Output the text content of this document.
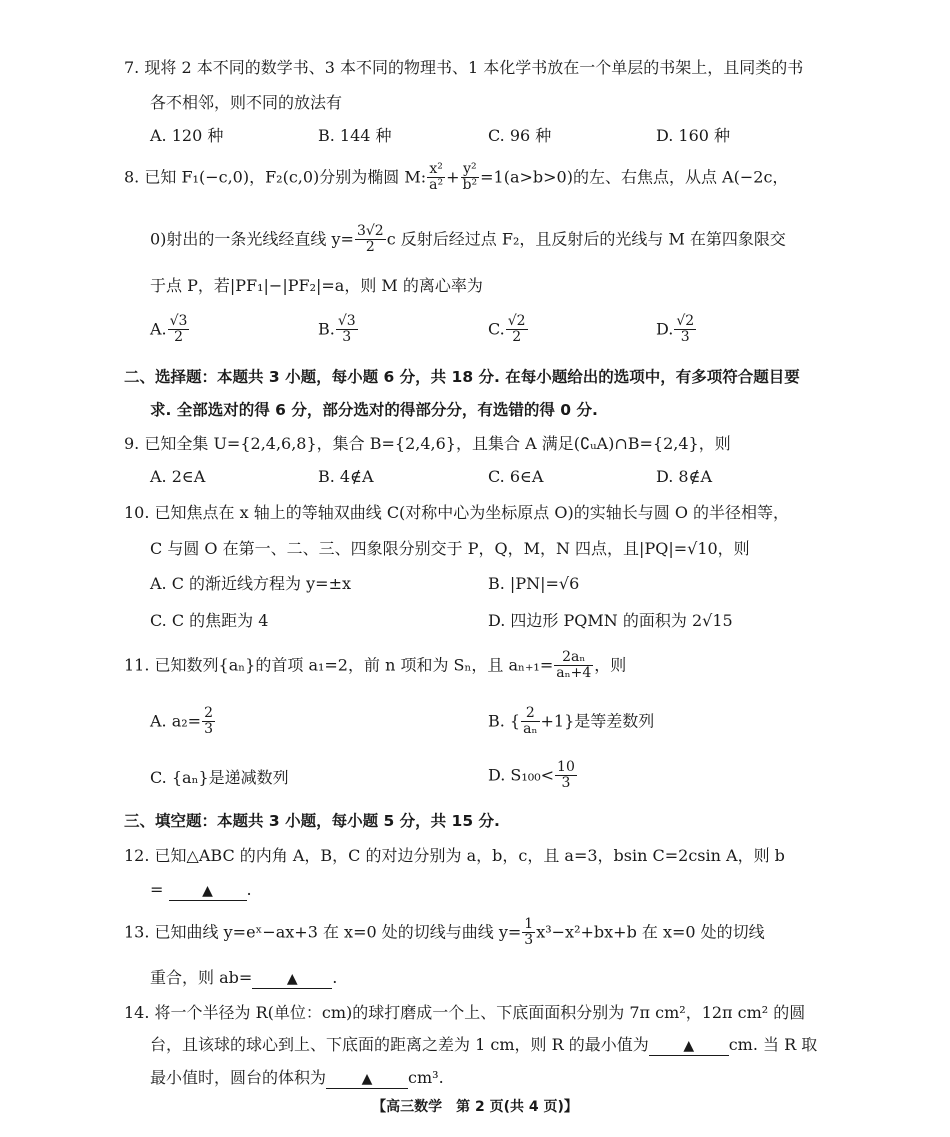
7. 现将 2 本不同的数学书、3 本不同的物理书、1 本化学书放在一个单层的书架上，且同类的书
各不相邻，则不同的放法有
A. 120 种	B. 144 种	C. 96 种	D. 160 种
8. 已知 F₁(−c,0)，F₂(c,0)分别为椭圆 M: $\frac{\text{x²}}{\text{a²}} + \frac{\text{y²}}{\text{b²}} =1(a>b>0)$的左、右焦点，从点 A(−2c，
0)射出的一条光线经直线 $y= \frac{3√2}{2}$ c 反射后经过点 F₂，且反射后的光线与 M 在第四象限交
于点 P，若|PF₁|−|PF₂|=a，则 M 的离心率为
A. $\frac{√3}{2}$	B. $\frac{√3}{3}$	C. $\frac{√2}{2}$	D. $\frac{√2}{3}$
二、选择题：本题共 3 小题，每小题 6 分，共 18 分. 在每小题给出的选项中，有多项符合题目要
求. 全部选对的得 6 分，部分选对的得部分分，有选错的得 0 分.
9. 已知全集 U={2,4,6,8}，集合 B={2,4,6}，且集合 A 满足(∁ᵤA)∩B={2,4}，则
A. 2∈A	B. 4∉A	C. 6∈A	D. 8∉A
10. 已知焦点在 x 轴上的等轴双曲线 C(对称中心为坐标原点 O)的实轴长与圆 O 的半径相等，
C 与圆 O 在第一、二、三、四象限分别交于 P，Q，M，N 四点，且|PQ|=√10，则
A. C 的渐近线方程为 y=±x	B. |PN|=√6
C. C 的焦距为 4	D. 四边形 PQMN 的面积为 2√15
11. 已知数列{aₙ}的首项 a₁=2，前 n 项和为 Sₙ，且 $a_{n+1}= \frac{\text{2aₙ}}{\text{aₙ+4}}$ ，则
A. $a_2= \frac{2}{3}$	B. { $\frac{2}{\text{aₙ}} +1$}是等差数列
C. {aₙ}是递减数列	D. $S_{100}< \frac{10}{3}$
三、填空题：本题共 3 小题，每小题 5 分，共 15 分.
12. 已知△ABC 的内角 A，B，C 的对边分别为 a，b，c，且 a=3，bsin C=2csin A，则 b
=	▲ .
13. 已知曲线 y=eˣ−ax+3 在 x=0 处的切线与曲线 $y= \frac{1}{3} x^3-x^2+bx+b$ 在 x=0 处的切线
重合，则 ab= ▲ .
14. 将一个半径为 R(单位：cm)的球打磨成一个上、下底面面积分别为 7π cm²，12π cm² 的圆
台，且该球的球心到上、下底面的距离之差为 1 cm，则 R 的最小值为 ▲ cm. 当 R 取
最小值时，圆台的体积为	▲ cm³.
【高三数学　第 2 页(共 4 页)】
